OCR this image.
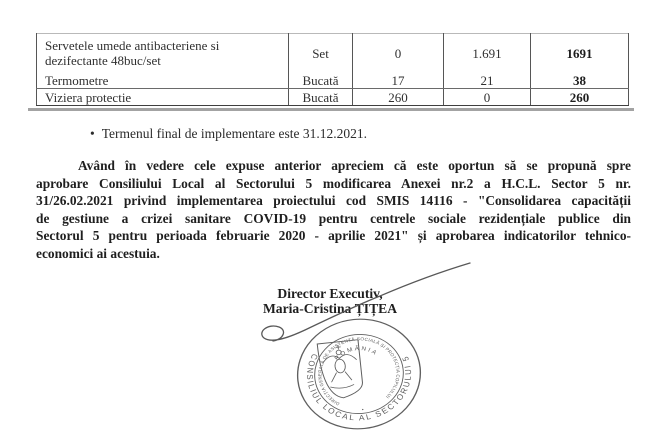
Servetele umede antibacteriene si dezifectante 48buc/set	Set	0	1.691	1691
Termometre	Bucată	17	21	38
Viziera protectie	Bucată	260	0	260
• Termenul final de implementare este 31.12.2021.
Având în vedere cele expuse anterior apreciem că este oportun să se propună spre
aprobare Consiliului Local al Sectorului 5 modificarea Anexei nr.2 a H.C.L. Sector 5 nr.
31/26.02.2021 privind implementarea proiectului cod SMIS 14116 - "Consolidarea capacității
de gestiune a crizei sanitare COVID-19 pentru centrele sociale rezidențiale publice din
Sectorul 5 pentru perioada februarie 2020 - aprilie 2021" și aprobarea indicatorilor tehnico-
economici ai acestuia.
Director Executiv,
Maria-Cristina ȚIȚEA
CONSILIUL LOCAL AL SECTORULUI 5
DIRECȚIA GENERALĂ DE ASISTENȚĂ SOCIALĂ ȘI PROTECȚIA COPILULUI
ROMÂNIA
•
